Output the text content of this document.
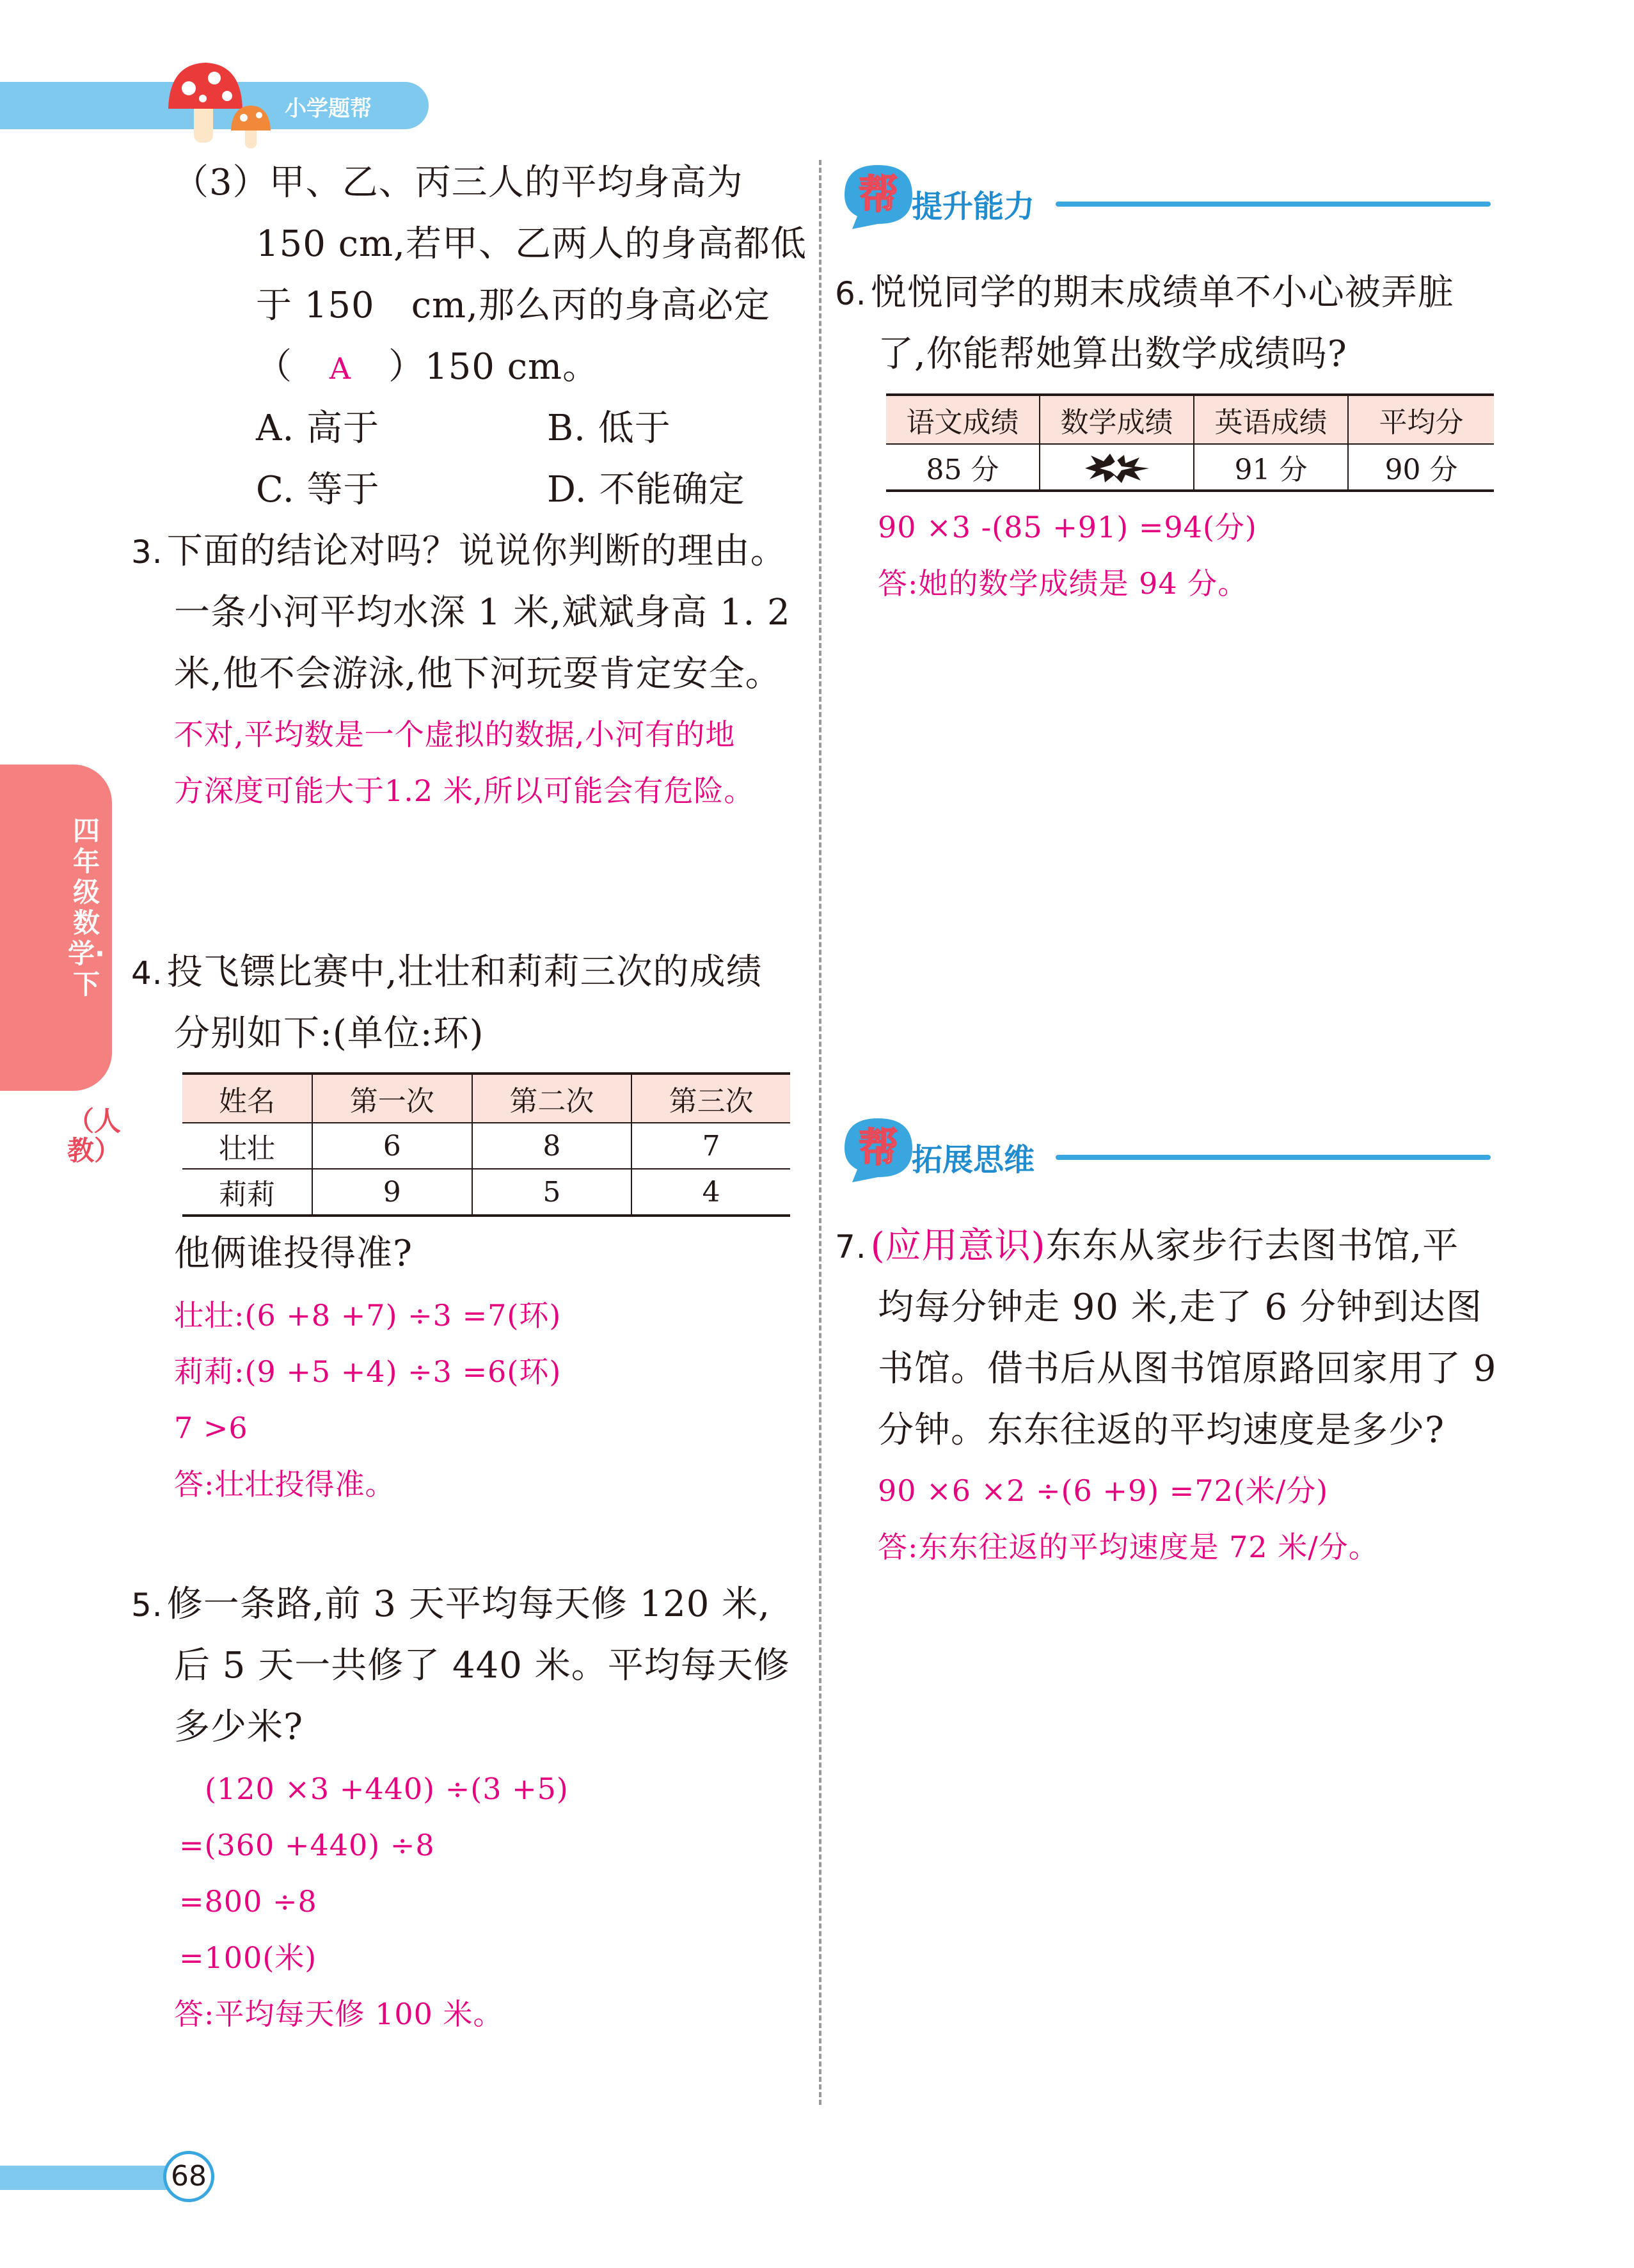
小学题帮
四年级数学·下
（人教）
（3）甲、乙、丙三人的平均身高为
150 cm,若甲、乙两人的身高都低
于 150　cm,那么丙的身高必定
（ A ）150 cm。
A. 高于	B. 低于
C. 等于	D. 不能确定
3. 下面的结论对吗？说说你判断的理由。
一条小河平均水深 1 米,斌斌身高 1. 2
米,他不会游泳,他下河玩耍肯定安全。
不对,平均数是一个虚拟的数据,小河有的地
方深度可能大于1.2 米,所以可能会有危险。
4. 投飞镖比赛中,壮壮和莉莉三次的成绩
分别如下:(单位:环)
姓名	第一次	第二次	第三次
壮壮	6	8	7
莉莉	9	5	4
他俩谁投得准?
壮壮:(6 +8 +7) ÷3 =7(环)
莉莉:(9 +5 +4) ÷3 =6(环)
7 >6
答:壮壮投得准。
5. 修一条路,前 3 天平均每天修 120 米,
后 5 天一共修了 440 米。平均每天修
多少米?
(120 ×3 +440) ÷(3 +5)
=(360 +440) ÷8
=800 ÷8
=100(米)
答:平均每天修 100 米。
帮 提升能力
6. 悦悦同学的期末成绩单不小心被弄脏
了,你能帮她算出数学成绩吗?
语文成绩	数学成绩	英语成绩	平均分
85 分		91 分	90 分
90 ×3 -(85 +91) =94(分)
答:她的数学成绩是 94 分。
帮 拓展思维
7. (应用意识)东东从家步行去图书馆,平
均每分钟走 90 米,走了 6 分钟到达图
书馆。借书后从图书馆原路回家用了 9
分钟。东东往返的平均速度是多少?
90 ×6 ×2 ÷(6 +9) =72(米/分)
答:东东往返的平均速度是 72 米/分。
68
